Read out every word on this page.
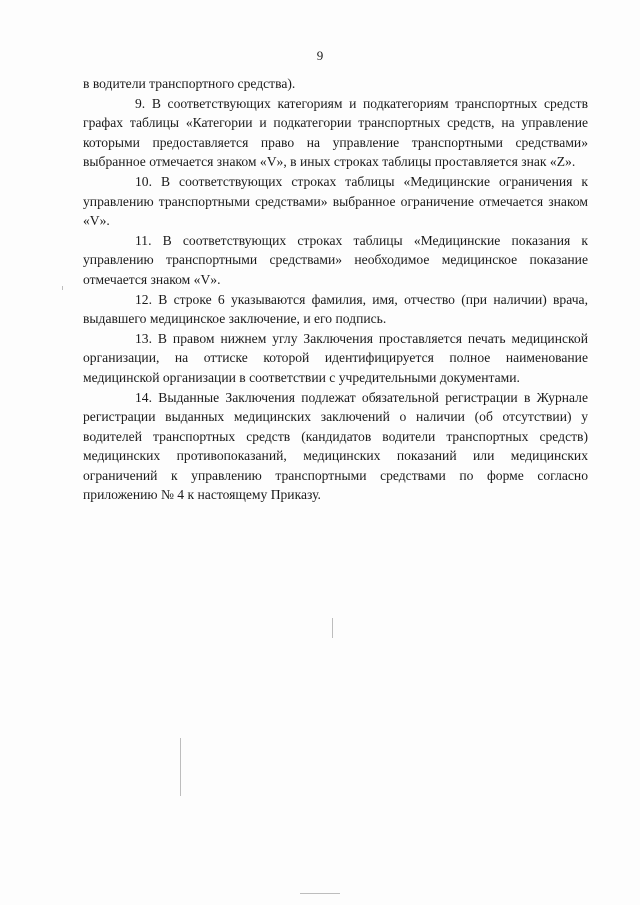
9

в водители транспортного средства).

9. В соответствующих категориям и подкатегориям транспортных средств графах таблицы «Категории и подкатегории транспортных средств, на управление которыми предоставляется право на управление транспортными средствами» выбранное отмечается знаком «V», в иных строках таблицы проставляется знак «Z».

10. В соответствующих строках таблицы «Медицинские ограничения к управлению транспортными средствами» выбранное ограничение отмечается знаком «V».

11. В соответствующих строках таблицы «Медицинские показания к управлению транспортными средствами» необходимое медицинское показание отмечается знаком «V».

12. В строке 6 указываются фамилия, имя, отчество (при наличии) врача, выдавшего медицинское заключение, и его подпись.

13. В правом нижнем углу Заключения проставляется печать медицинской организации, на оттиске которой идентифицируется полное наименование медицинской организации в соответствии с учредительными документами.

14. Выданные Заключения подлежат обязательной регистрации в Журнале регистрации выданных медицинских заключений о наличии (об отсутствии) у водителей транспортных средств (кандидатов водители транспортных средств) медицинских противопоказаний, медицинских показаний или медицинских ограничений к управлению транспортными средствами по форме согласно приложению № 4 к настоящему Приказу.
